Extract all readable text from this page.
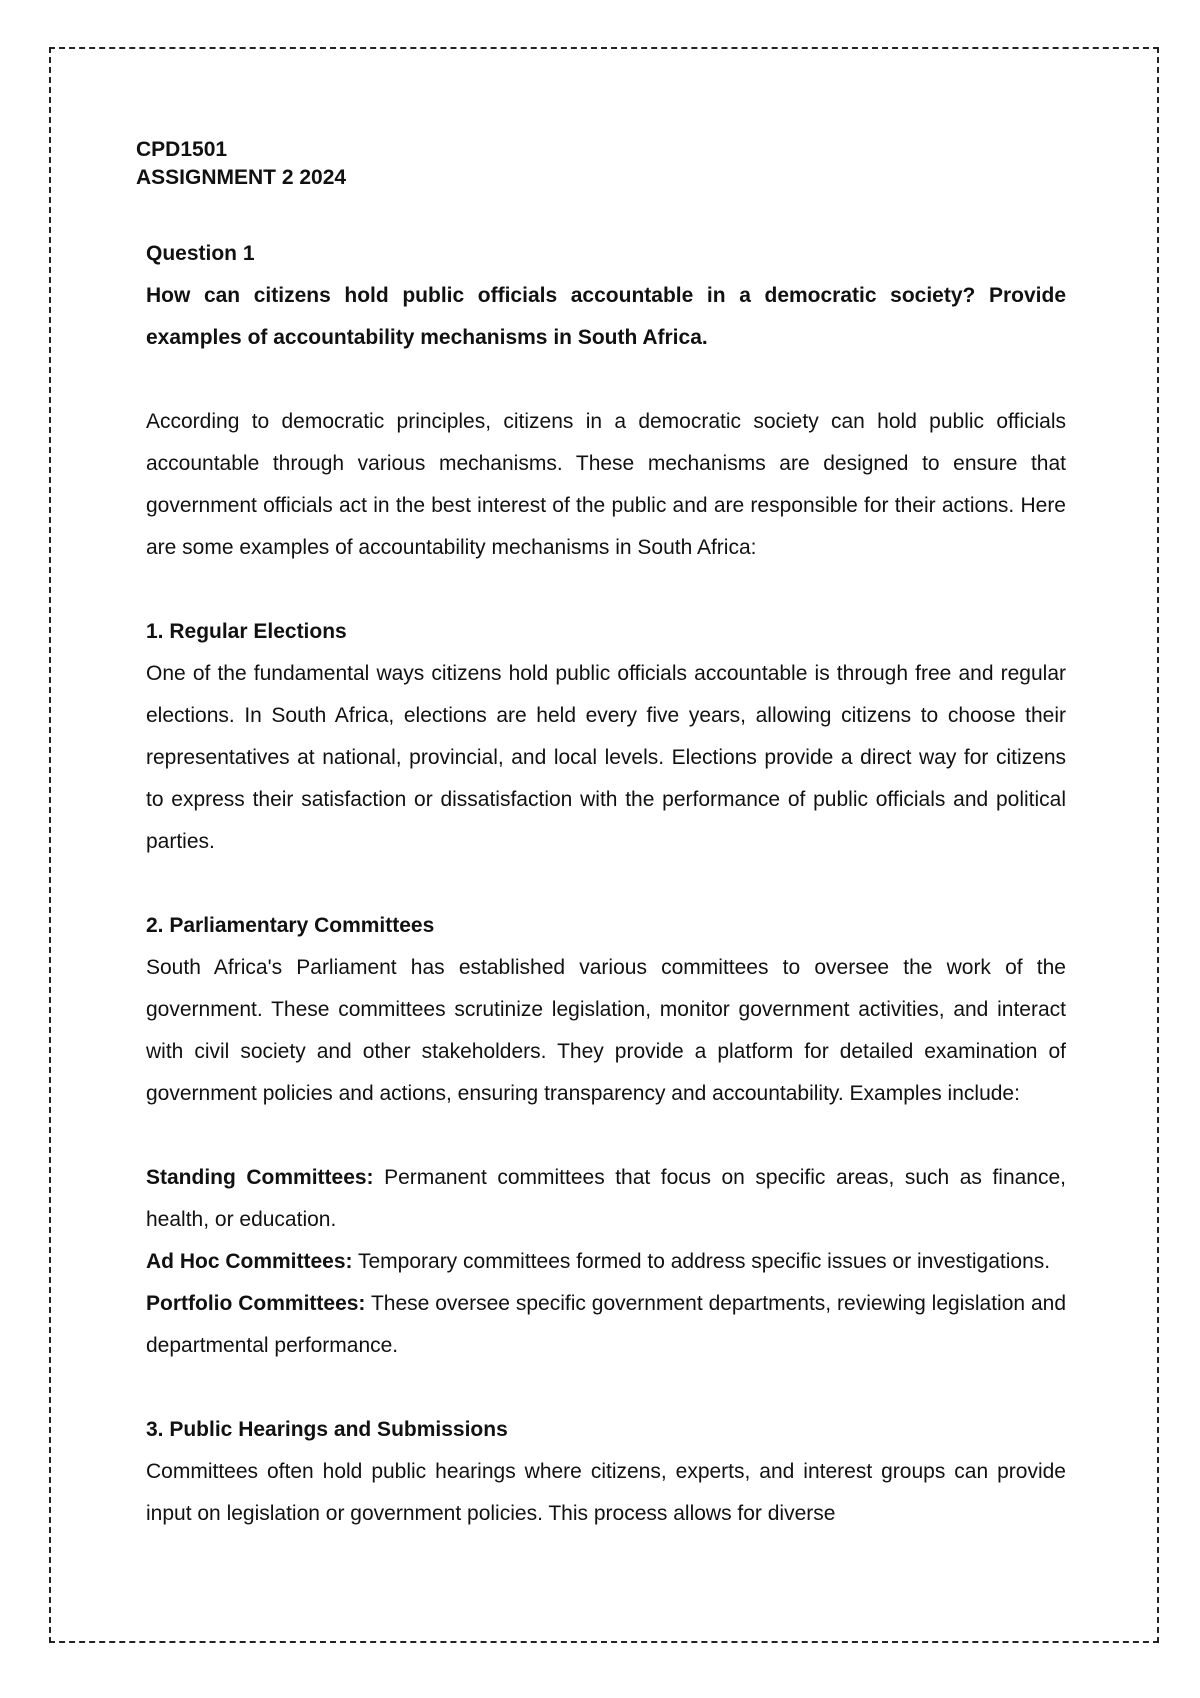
CPD1501
ASSIGNMENT 2 2024

Question 1

How can citizens hold public officials accountable in a democratic society? Provide examples of accountability mechanisms in South Africa.

According to democratic principles, citizens in a democratic society can hold public officials accountable through various mechanisms. These mechanisms are designed to ensure that government officials act in the best interest of the public and are responsible for their actions. Here are some examples of accountability mechanisms in South Africa:

1. Regular Elections

One of the fundamental ways citizens hold public officials accountable is through free and regular elections. In South Africa, elections are held every five years, allowing citizens to choose their representatives at national, provincial, and local levels. Elections provide a direct way for citizens to express their satisfaction or dissatisfaction with the performance of public officials and political parties.

2. Parliamentary Committees

South Africa's Parliament has established various committees to oversee the work of the government. These committees scrutinize legislation, monitor government activities, and interact with civil society and other stakeholders. They provide a platform for detailed examination of government policies and actions, ensuring transparency and accountability. Examples include:

Standing Committees: Permanent committees that focus on specific areas, such as finance, health, or education.

Ad Hoc Committees: Temporary committees formed to address specific issues or investigations.

Portfolio Committees: These oversee specific government departments, reviewing legislation and departmental performance.

3. Public Hearings and Submissions

Committees often hold public hearings where citizens, experts, and interest groups can provide input on legislation or government policies. This process allows for diverse
